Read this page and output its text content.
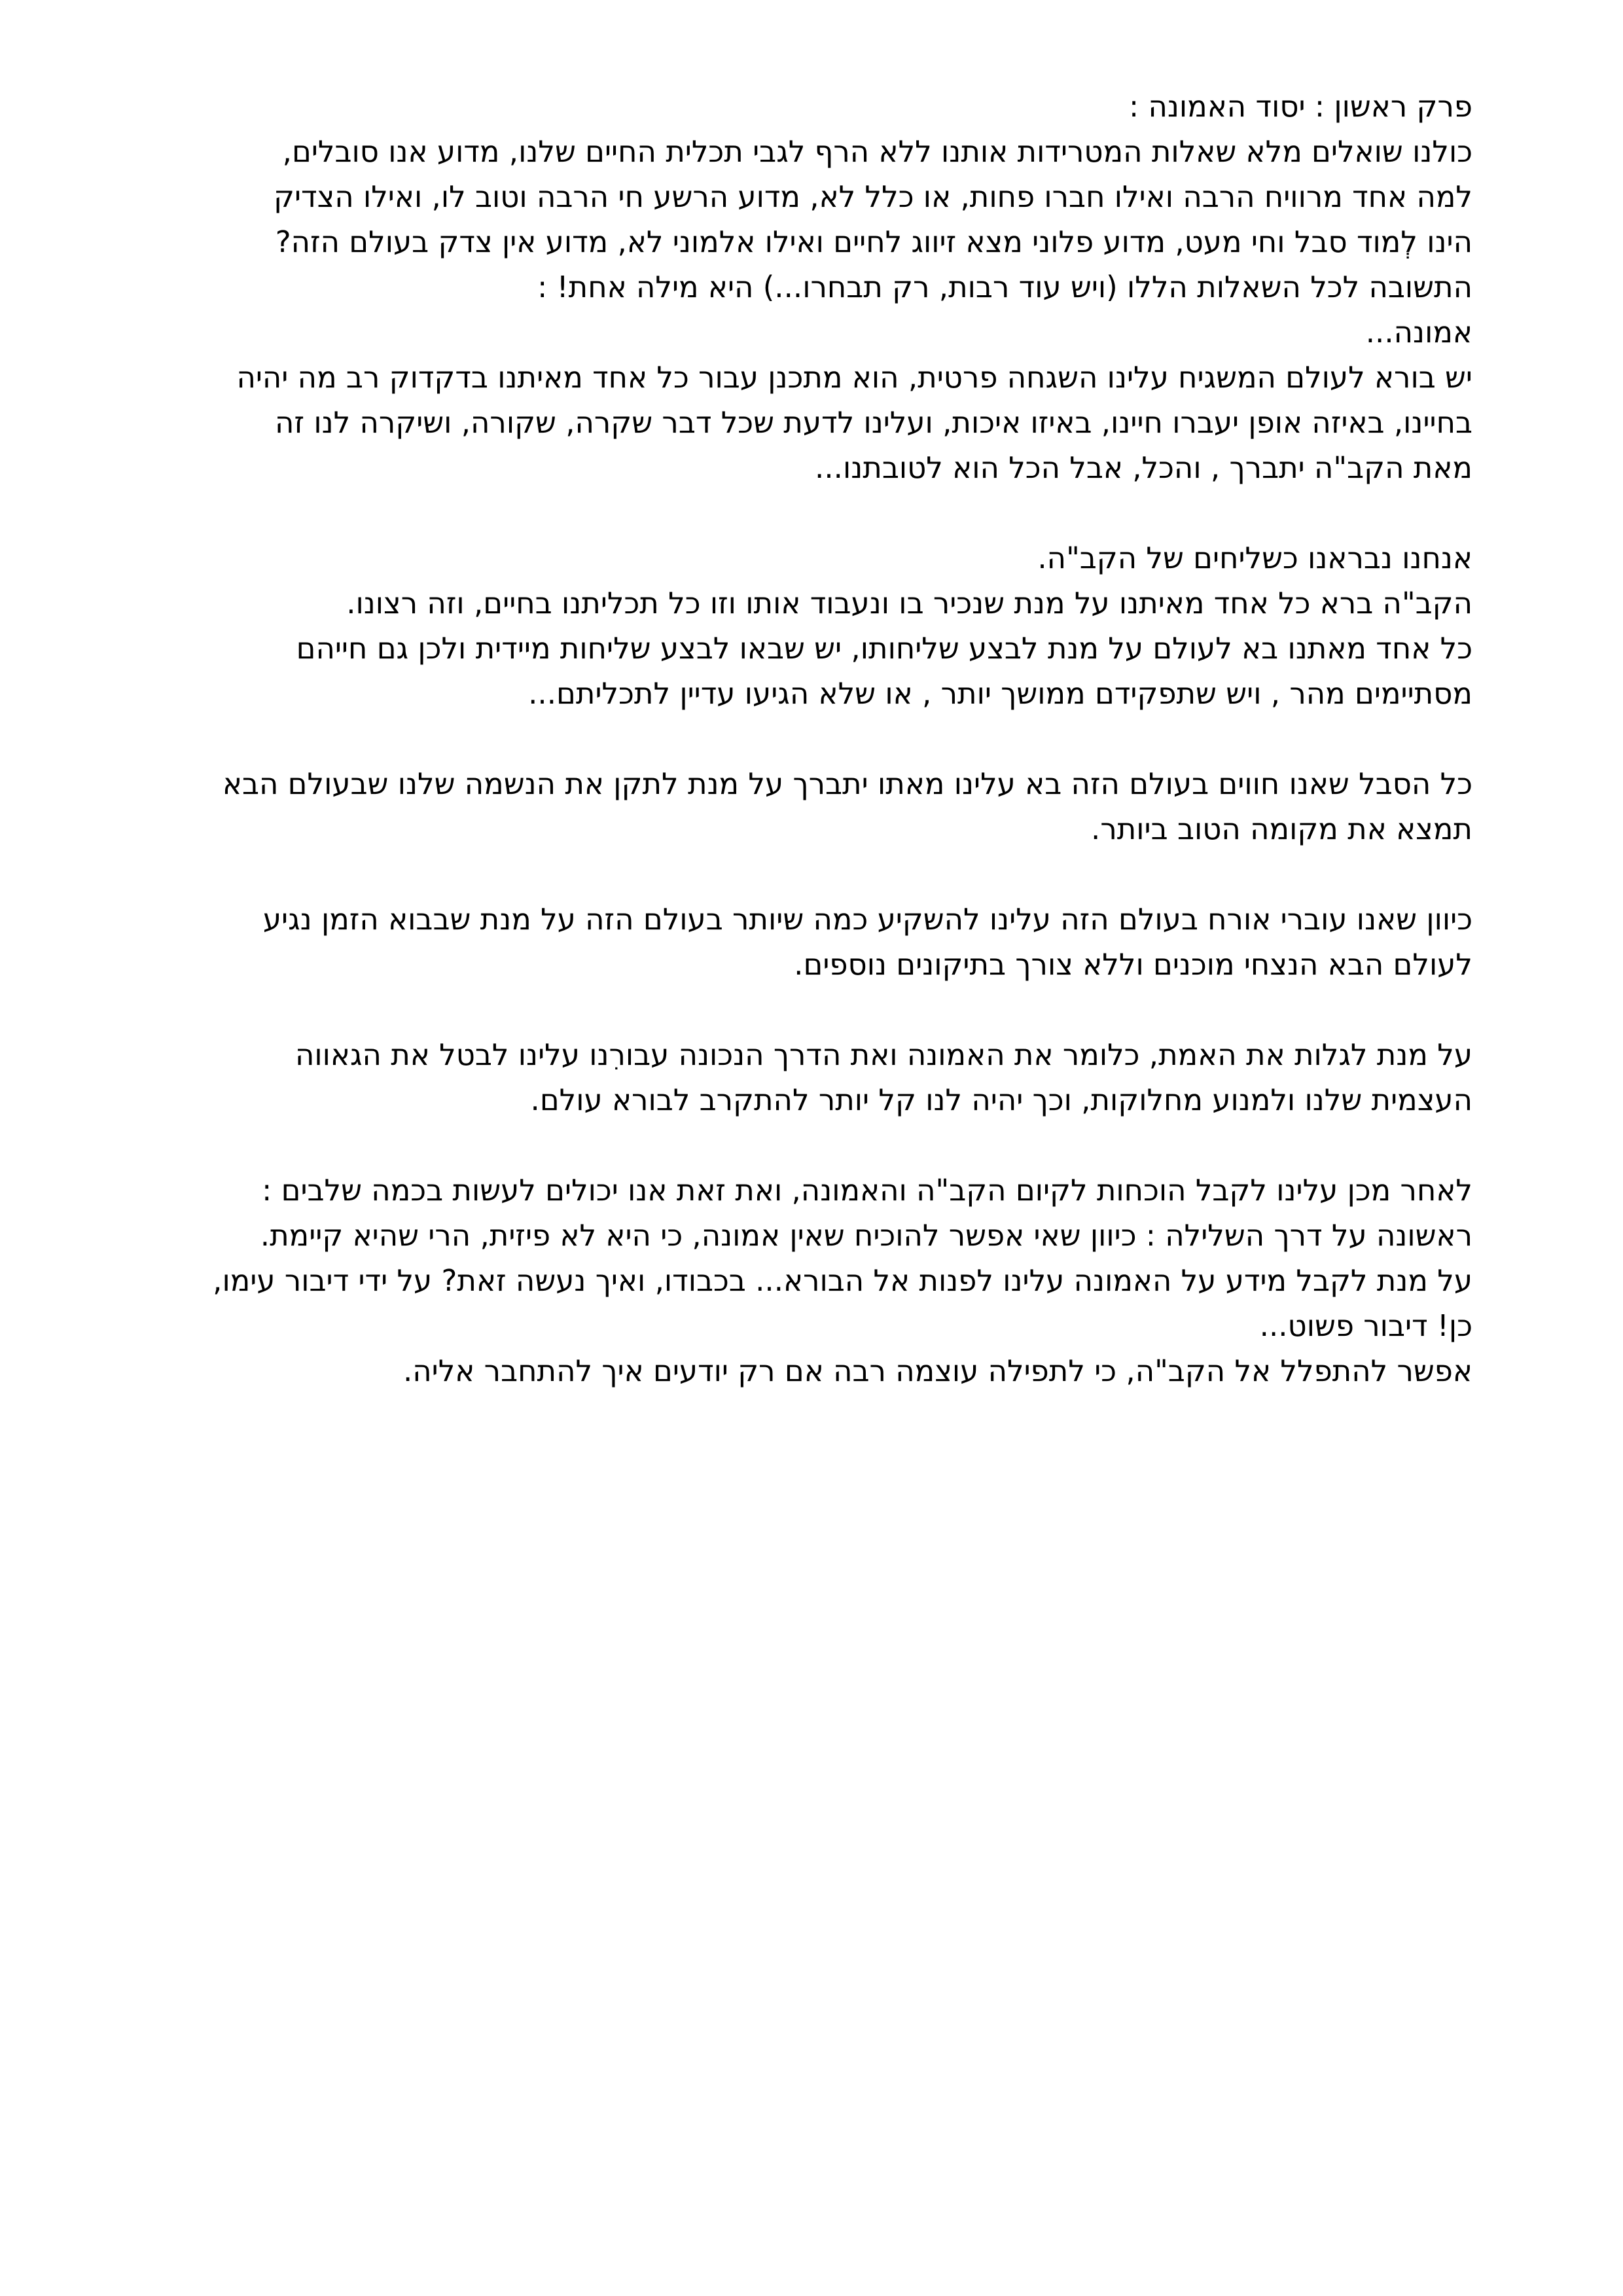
פרק ראשון : יסוד האמונה :
כולנו שואלים מלא שאלות המטרידות אותנו ללא הרף לגבי תכלית החיים שלנו, מדוע אנו סובלים,
למה אחד מרוויח הרבה ואילו חברו פחות, או כלל לא, מדוע הרשע חי הרבה וטוב לו, ואילו הצדיק
הינו לְמוד סבל וחי מעט, מדוע פלוני מצא זיווג לחיים ואילו אלמוני לא, מדוע אין צדק בעולם הזה?
התשובה לכל השאלות הללו (ויש עוד רבות, רק תבחרו...) היא מילה אחת! :
אמונה...
יש בורא לעולם המשגיח עלינו השגחה פרטית, הוא מתכנן עבור כל אחד מאיתנו בדקדוק רב מה יהיה
בחיינו, באיזה אופן יעברו חיינו, באיזו איכות, ועלינו לדעת שכל דבר שקרה, שקורה, ושיקרה לנו זה
מאת הקב"ה יתברך , והכל, אבל הכל הוא לטובתנו...
אנחנו נבראנו כשליחים של הקב"ה.
הקב"ה ברא כל אחד מאיתנו על מנת שנכיר בו ונעבוד אותו וזו כל תכליתנו בחיים, וזה רצונו.
כל אחד מאתנו בא לעולם על מנת לבצע שליחותו, יש שבאו לבצע שליחות מיידית ולכן גם חייהם
מסתיימים מהר , ויש שתפקידם ממושך יותר , או שלא הגיעו עדיין לתכליתם...
כל הסבל שאנו חווים בעולם הזה בא עלינו מאתו יתברך על מנת לתקן את הנשמה שלנו שבעולם הבא
תמצא את מקומה הטוב ביותר.
כיוון שאנו עוברי אורח בעולם הזה עלינו להשקיע כמה שיותר בעולם הזה על מנת שבבוא הזמן נגיע
לעולם הבא הנצחי מוכנים וללא צורך בתיקונים נוספים.
על מנת לגלות את האמת, כלומר את האמונה ואת הדרך הנכונה עבורִנו עלינו לבטל את הגאווה
העצמית שלנו ולמנוע מחלוקות, וכך יהיה לנו קל יותר להתקרב לבורא עולם.
לאחר מכן עלינו לקבל הוכחות לקיום הקב"ה והאמונה, ואת זאת אנו יכולים לעשות בכמה שלבים :
ראשונה על דרך השלילה : כיוון שאי אפשר להוכיח שאין אמונה, כי היא לא פיזית, הרי שהיא קיימת.
על מנת לקבל מידע על האמונה עלינו לפנות אל הבורא... בכבודו, ואיך נעשה זאת? על ידי דיבור עימו,
כן! דיבור פשוט...
אפשר להתפלל אל הקב"ה, כי לתפילה עוצמה רבה אם רק יודעים איך להתחבר אליה.
